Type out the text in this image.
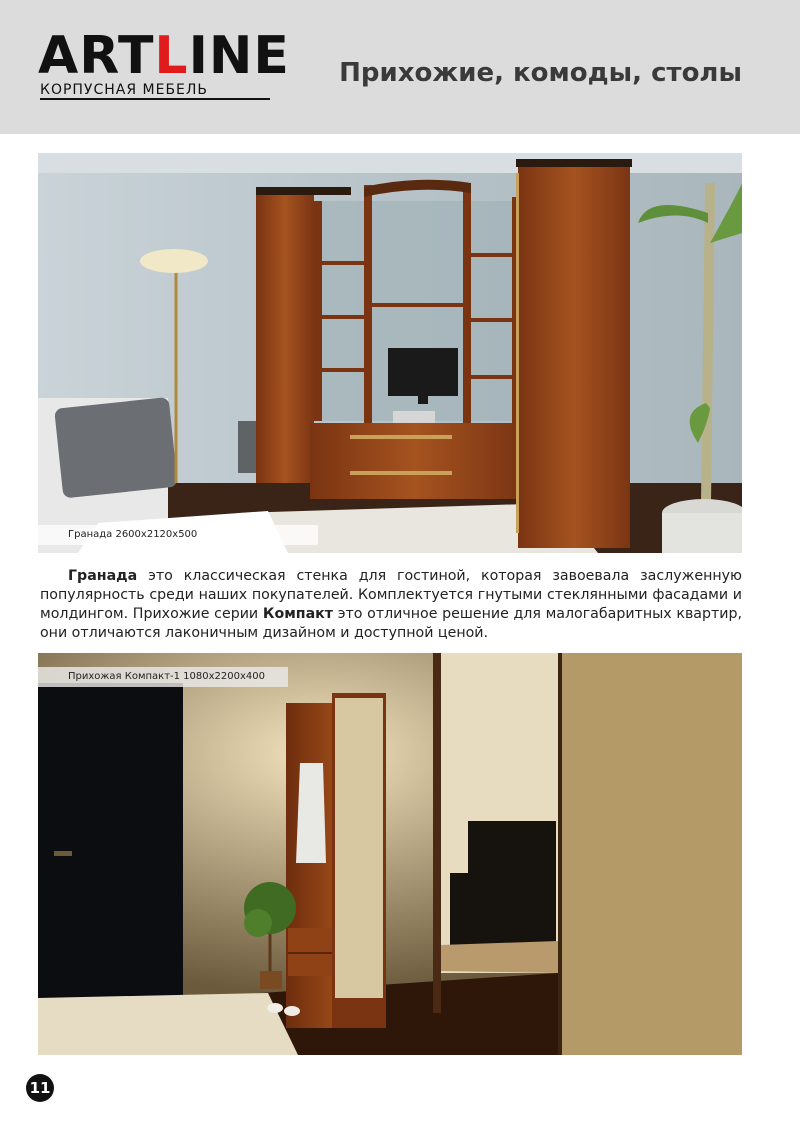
ARTLINE
КОРПУСНАЯ МЕБЕЛЬ
Прихожие, комоды, столы
Гранада 2600х2120х500

Гранада это классическая стенка для гостиной, которая завоевала заслуженную популярность среди наших покупателей. Комплектуется гнутыми стеклянными фасадами и молдингом. Прихожие серии Компакт это отличное решение для малогабаритных квартир, они отличаются лаконичным дизайном и доступной ценой.

Прихожая Компакт-1 1080х2200х400
11
